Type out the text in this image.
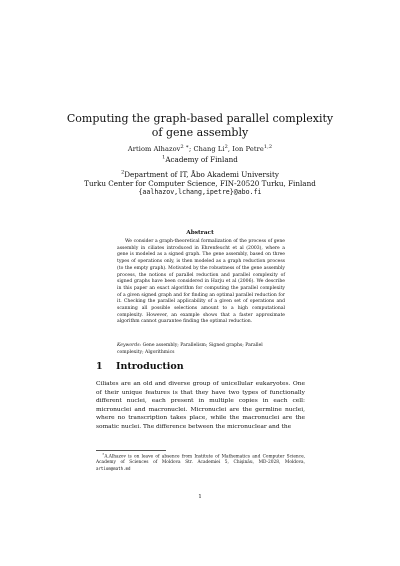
Computing the graph-based parallel complexity
of gene assembly
Artiom Alhazov$^{2 ∗}$; Chang Li$^2$, Ion Petre$^{1,2}$
$^1$Academy of Finland
$^2$Department of IT, Åbo Akademi University
Turku Center for Computer Science, FIN-20520 Turku, Finland
{aalhazov,lchang,ipetre}@abo.fi
Abstract

We consider a graph-theoretical formalization of the process of gene assembly in ciliates introduced in Ehrenfeucht et al (2003), where a gene is modeled as a signed graph. The gene assembly, based on three types of operations only, is then modeled as a graph reduction process (to the empty graph). Motivated by the robustness of the gene assembly process, the notions of parallel reduction and parallel complexity of signed graphs have been considered in Harju et al (2006). We describe in this paper an exact algorithm for computing the parallel complexity of a given signed graph and for finding an optimal parallel reduction for it. Checking the parallel applicability of a given set of operations and scanning all possible selections amount to a high computational complexity. However, an example shows that a faster approximate algorithm cannot guarantee finding the optimal reduction.

Keywords: Gene assembly; Parallelism; Signed graphs; Parallel complexity; Algorithmics

1 Introduction

Ciliates are an old and diverse group of unicellular eukaryotes. One of their unique features is that they have two types of functionally different nuclei, each present in multiple copies in each cell: micronuclei and macronuclei. Micronuclei are the germline nuclei, where no transcription takes place, while the macronuclei are the somatic nuclei. The difference between the micronuclear and the

∗A.Alhazov is on leave of absence from Institute of Mathematics and Computer Science, Academy of Sciences of Moldova Str. Academiei 5, Chişinău, MD-2028, Moldova, artiom@math.md

1
